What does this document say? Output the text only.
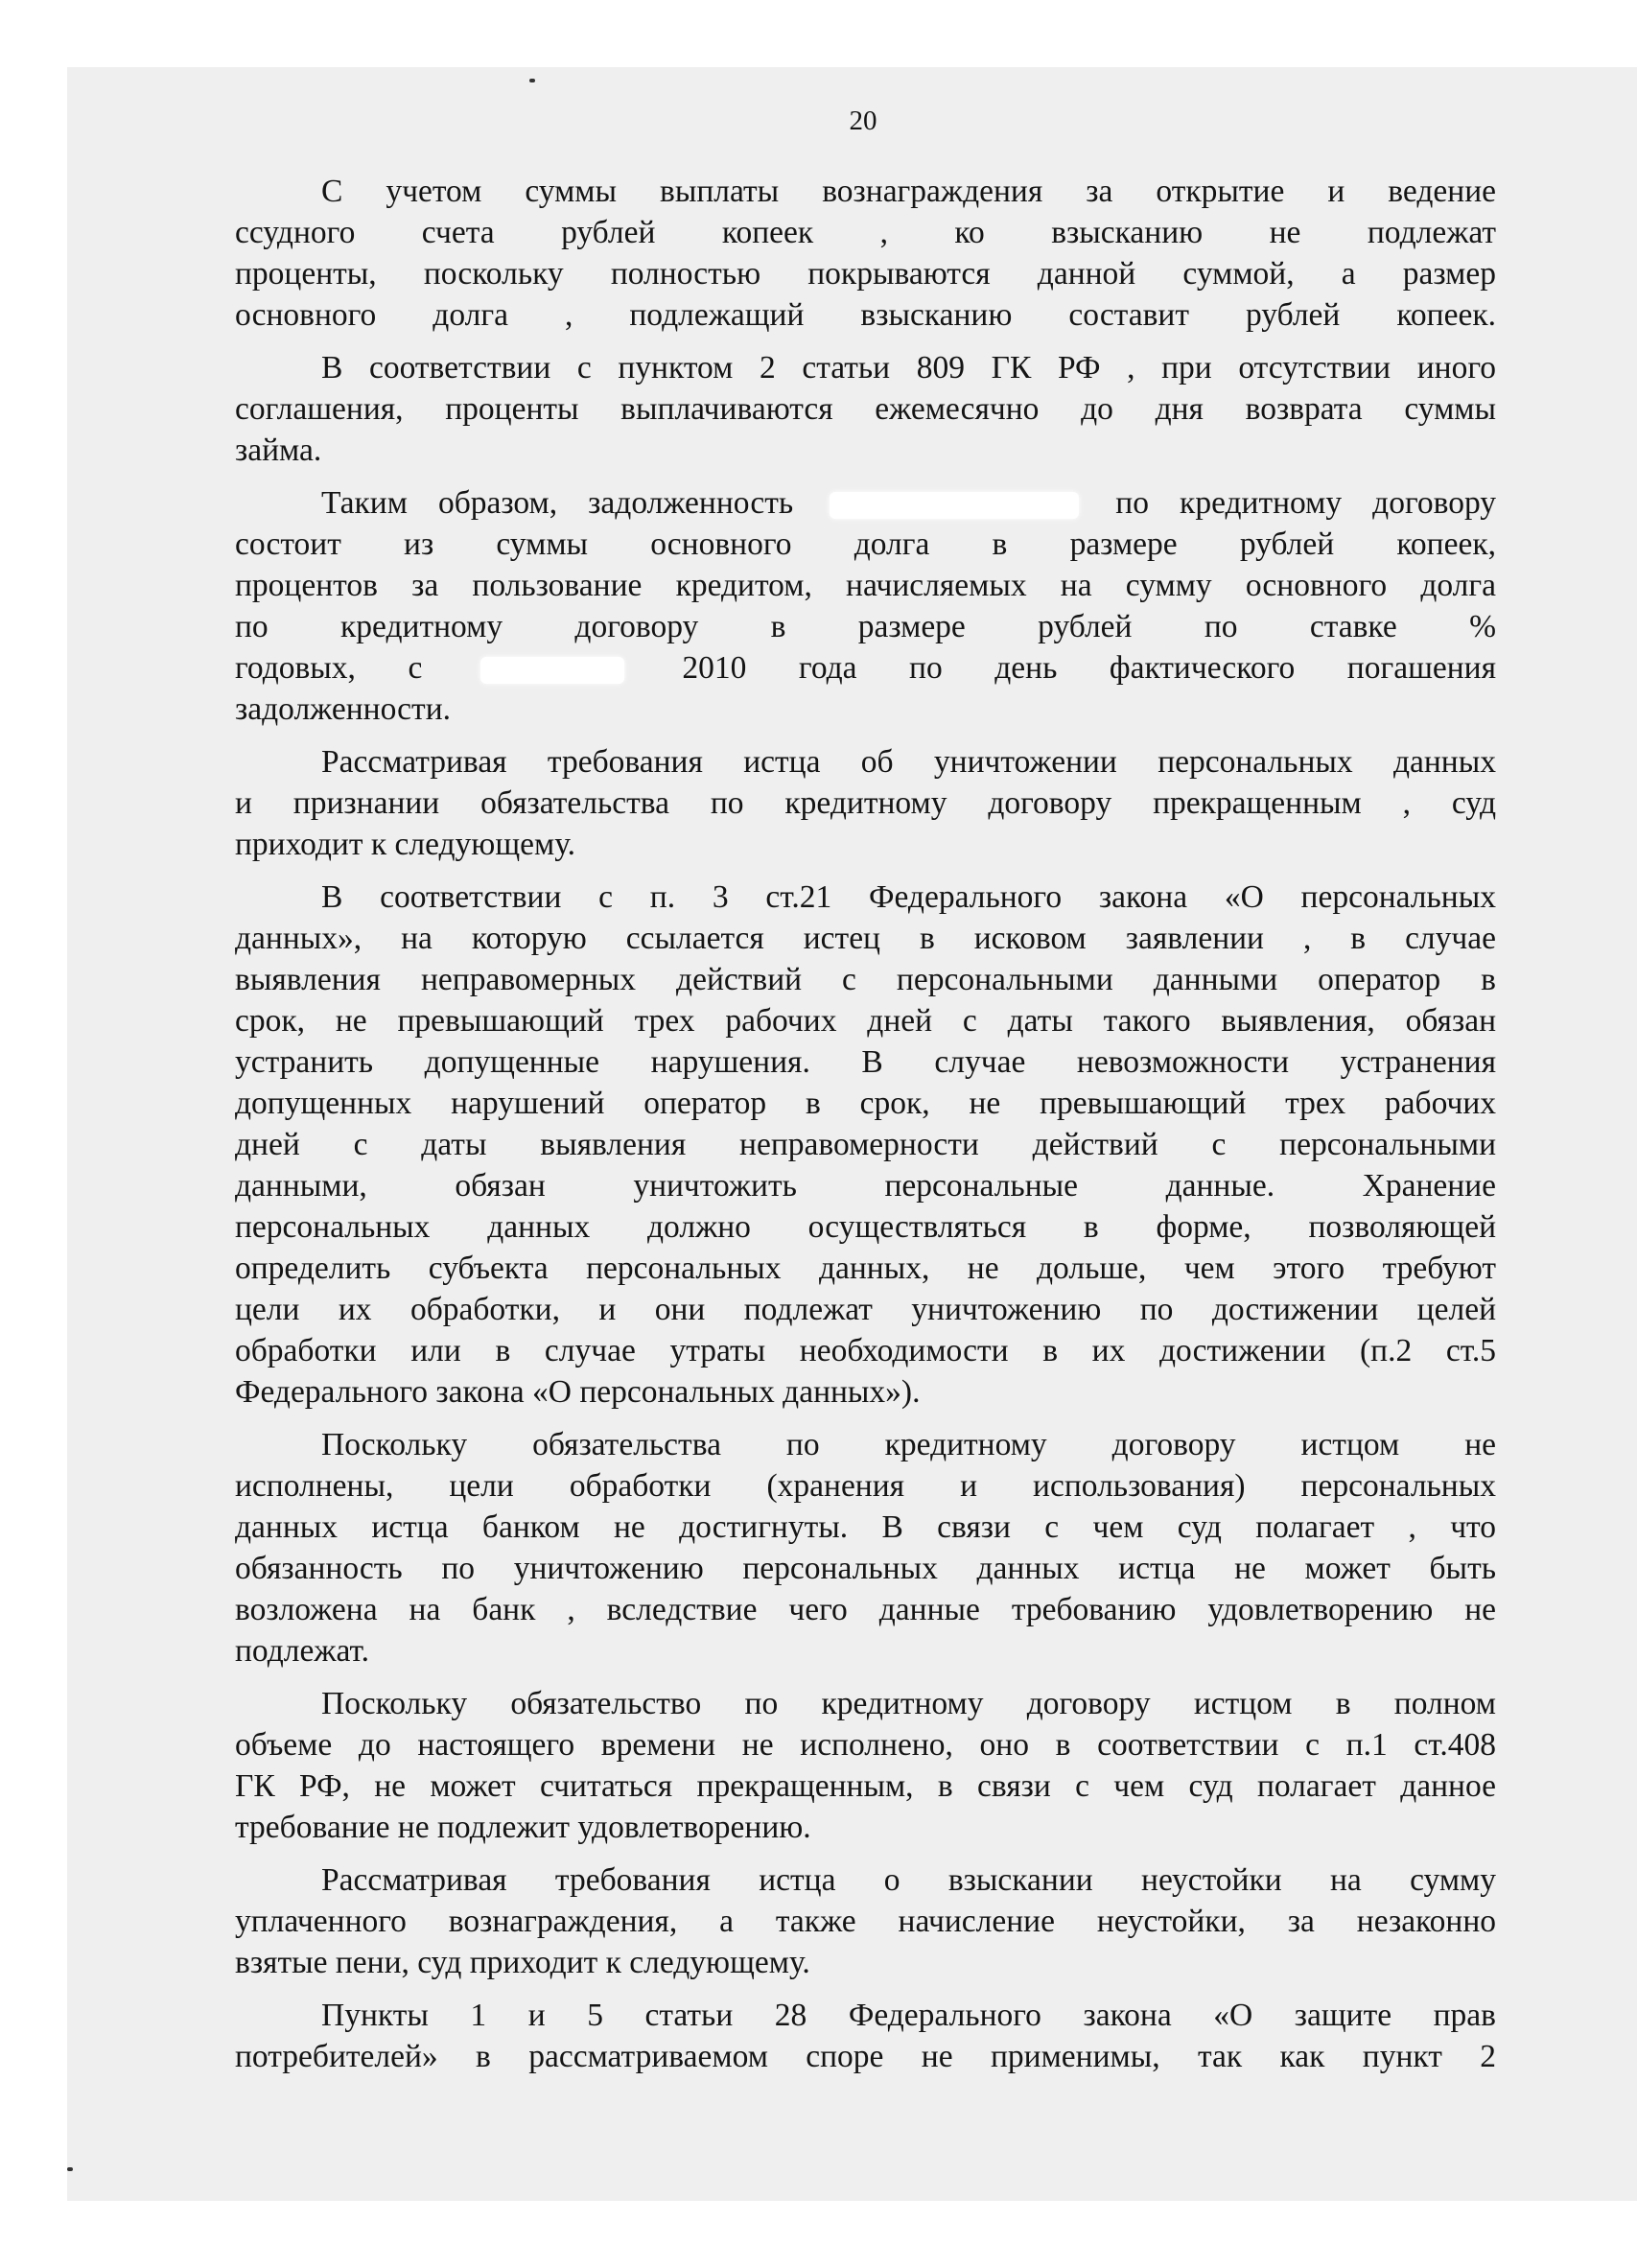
20
С учетом суммы выплаты вознаграждения за открытие и ведение
ссудного счета рублей копеек , ко взысканию не подлежат
проценты, поскольку полностью покрываются данной суммой, а размер
основного долга , подлежащий взысканию составит рублей копеек.
В соответствии с пунктом 2 статьи 809 ГК РФ , при отсутствии иного
соглашения, проценты выплачиваются ежемесячно до дня возврата суммы
займа.
Таким образом, задолженность	по кредитному договору
состоит из суммы основного долга в размере рублей копеек,
процентов за пользование кредитом, начисляемых на сумму основного долга
по кредитному договору в размере рублей по ставке %
годовых, с	2010 года по день фактического погашения
задолженности.
Рассматривая требования истца об уничтожении персональных данных
и признании обязательства по кредитному договору прекращенным , суд
приходит к следующему.
В соответствии с п. 3 ст.21 Федерального закона «О персональных
данных», на которую ссылается истец в исковом заявлении , в случае
выявления неправомерных действий с персональными данными оператор в
срок, не превышающий трех рабочих дней с даты такого выявления, обязан
устранить допущенные нарушения. В случае невозможности устранения
допущенных нарушений оператор в срок, не превышающий трех рабочих
дней с даты выявления неправомерности действий с персональными
данными, обязан уничтожить персональные данные. Хранение
персональных данных должно осуществляться в форме, позволяющей
определить субъекта персональных данных, не дольше, чем этого требуют
цели их обработки, и они подлежат уничтожению по достижении целей
обработки или в случае утраты необходимости в их достижении (п.2 ст.5
Федерального закона «О персональных данных»).
Поскольку обязательства по кредитному договору истцом не
исполнены, цели обработки (хранения и использования) персональных
данных истца банком не достигнуты. В связи с чем суд полагает , что
обязанность по уничтожению персональных данных истца не может быть
возложена на банк , вследствие чего данные требованию удовлетворению не
подлежат.
Поскольку обязательство по кредитному договору истцом в полном
объеме до настоящего времени не исполнено, оно в соответствии с п.1 ст.408
ГК РФ, не может считаться прекращенным, в связи с чем суд полагает данное
требование не подлежит удовлетворению.
Рассматривая требования истца о взыскании неустойки на сумму
уплаченного вознаграждения, а также начисление неустойки, за незаконно
взятые пени, суд приходит к следующему.
Пункты 1 и 5 статьи 28 Федерального закона «О защите прав
потребителей» в рассматриваемом споре не применимы, так как пункт 2
